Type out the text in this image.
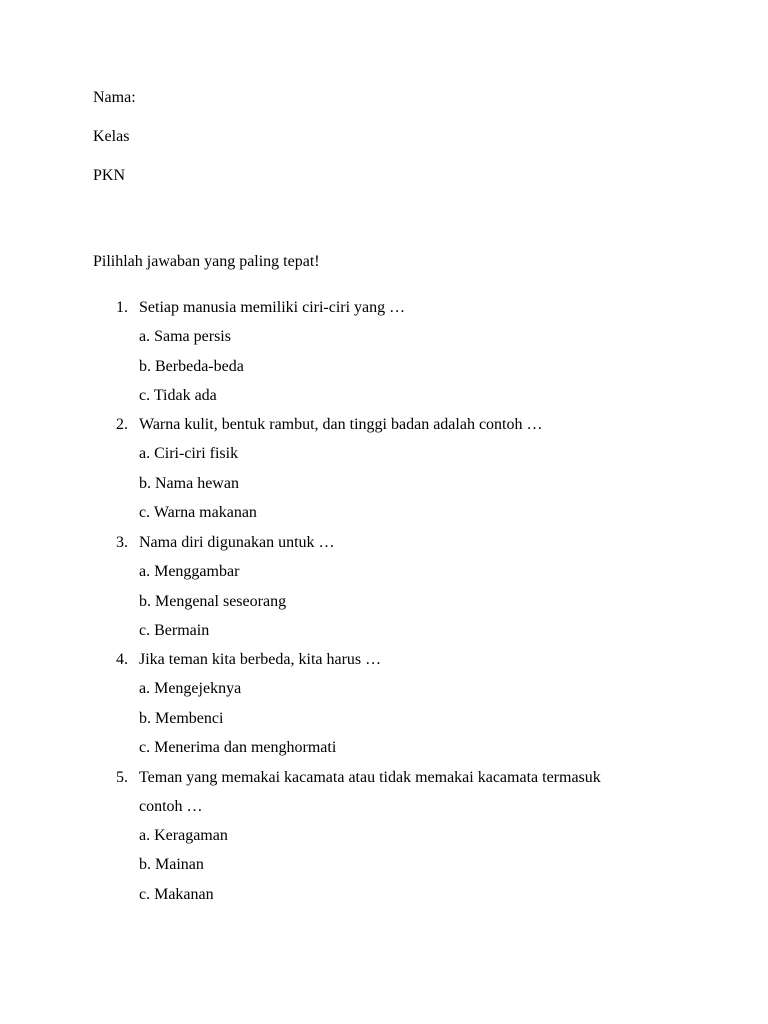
Nama:
Kelas
PKN
Pilihlah jawaban yang paling tepat!
1. Setiap manusia memiliki ciri-ciri yang …
a. Sama persis
b. Berbeda-beda
c. Tidak ada
2. Warna kulit, bentuk rambut, dan tinggi badan adalah contoh …
a. Ciri-ciri fisik
b. Nama hewan
c. Warna makanan
3. Nama diri digunakan untuk …
a. Menggambar
b. Mengenal seseorang
c. Bermain
4. Jika teman kita berbeda, kita harus …
a. Mengejeknya
b. Membenci
c. Menerima dan menghormati
5. Teman yang memakai kacamata atau tidak memakai kacamata termasuk
contoh …
a. Keragaman
b. Mainan
c. Makanan
